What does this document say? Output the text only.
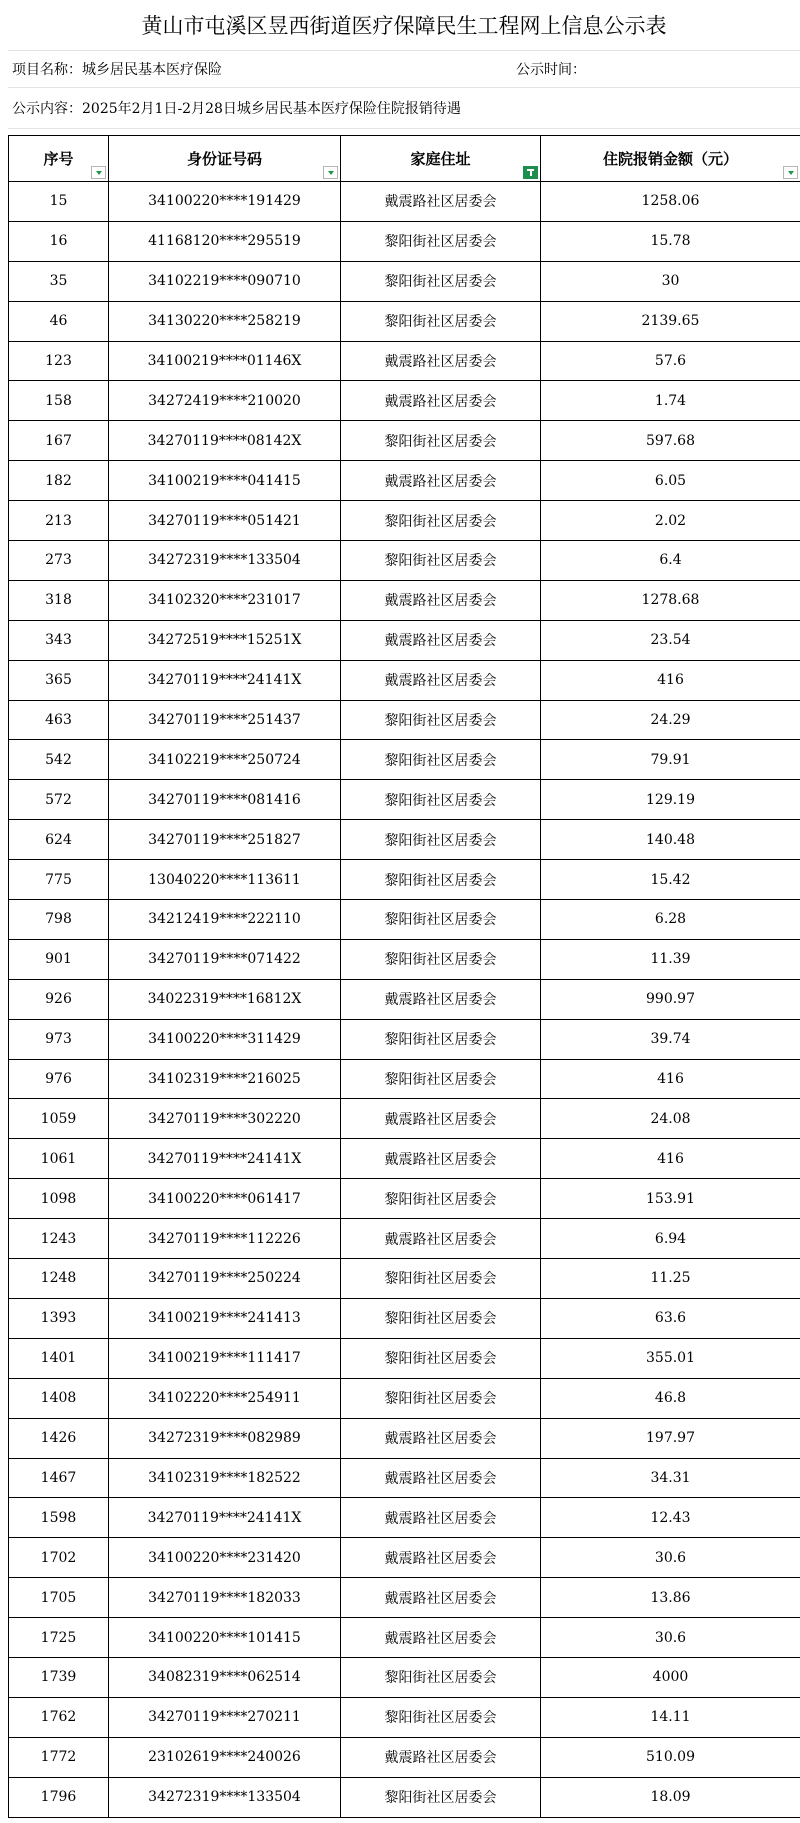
黄山市屯溪区昱西街道医疗保障民生工程网上信息公示表
项目名称：城乡居民基本医疗保险	公示时间：
公示内容： 2025年2月1日-2月28日城乡居民基本医疗保险住院报销待遇
序号	身份证号码	家庭住址	住院报销金额（元）

15	34100220****191429	戴震路社区居委会	1258.06
16	41168120****295519	黎阳街社区居委会	15.78
35	34102219****090710	黎阳街社区居委会	30
46	34130220****258219	黎阳街社区居委会	2139.65
123	34100219****01146X	戴震路社区居委会	57.6
158	34272419****210020	戴震路社区居委会	1.74
167	34270119****08142X	黎阳街社区居委会	597.68
182	34100219****041415	戴震路社区居委会	6.05
213	34270119****051421	黎阳街社区居委会	2.02
273	34272319****133504	黎阳街社区居委会	6.4
318	34102320****231017	戴震路社区居委会	1278.68
343	34272519****15251X	戴震路社区居委会	23.54
365	34270119****24141X	戴震路社区居委会	416
463	34270119****251437	黎阳街社区居委会	24.29
542	34102219****250724	黎阳街社区居委会	79.91
572	34270119****081416	黎阳街社区居委会	129.19
624	34270119****251827	黎阳街社区居委会	140.48
775	13040220****113611	黎阳街社区居委会	15.42
798	34212419****222110	黎阳街社区居委会	6.28
901	34270119****071422	黎阳街社区居委会	11.39
926	34022319****16812X	戴震路社区居委会	990.97
973	34100220****311429	黎阳街社区居委会	39.74
976	34102319****216025	黎阳街社区居委会	416
1059	34270119****302220	戴震路社区居委会	24.08
1061	34270119****24141X	戴震路社区居委会	416
1098	34100220****061417	黎阳街社区居委会	153.91
1243	34270119****112226	戴震路社区居委会	6.94
1248	34270119****250224	黎阳街社区居委会	11.25
1393	34100219****241413	黎阳街社区居委会	63.6
1401	34100219****111417	黎阳街社区居委会	355.01
1408	34102220****254911	黎阳街社区居委会	46.8
1426	34272319****082989	戴震路社区居委会	197.97
1467	34102319****182522	戴震路社区居委会	34.31
1598	34270119****24141X	戴震路社区居委会	12.43
1702	34100220****231420	戴震路社区居委会	30.6
1705	34270119****182033	戴震路社区居委会	13.86
1725	34100220****101415	戴震路社区居委会	30.6
1739	34082319****062514	黎阳街社区居委会	4000
1762	34270119****270211	黎阳街社区居委会	14.11
1772	23102619****240026	戴震路社区居委会	510.09
1796	34272319****133504	黎阳街社区居委会	18.09
